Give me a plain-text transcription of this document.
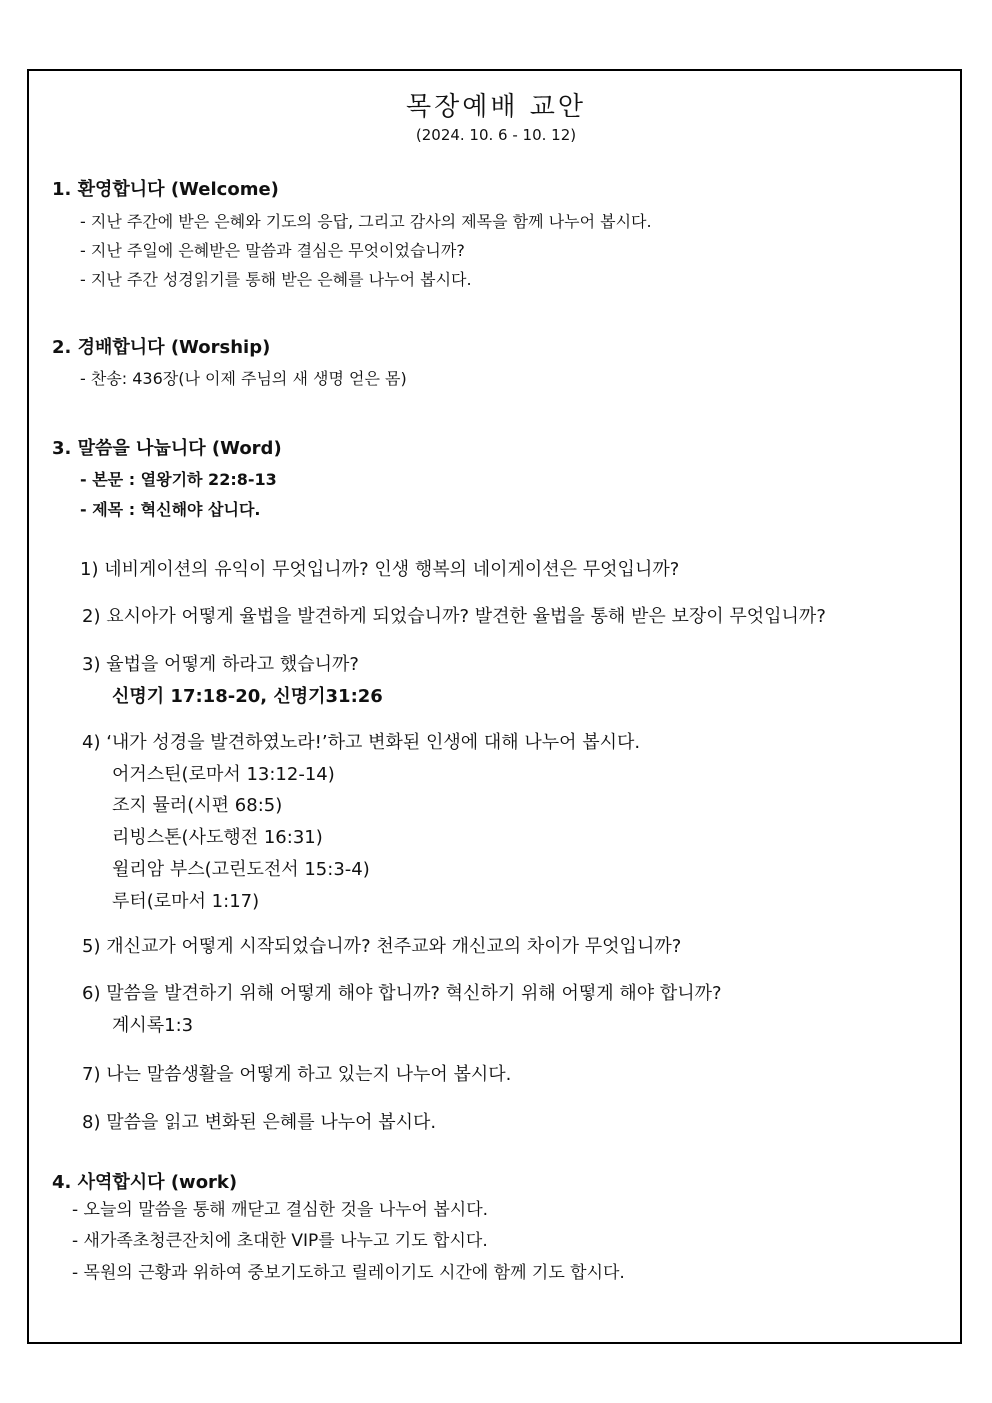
목장예배 교안
(2024. 10. 6 - 10. 12)
1. 환영합니다 (Welcome)
- 지난 주간에 받은 은혜와 기도의 응답, 그리고 감사의 제목을 함께 나누어 봅시다.
- 지난 주일에 은혜받은 말씀과 결심은 무엇이었습니까?
- 지난 주간 성경읽기를 통해 받은 은혜를 나누어 봅시다.
2. 경배합니다 (Worship)
- 찬송: 436장(나 이제 주님의 새 생명 얻은 몸)
3. 말씀을 나눕니다 (Word)
- 본문 : 열왕기하 22:8-13
- 제목 : 혁신해야 삽니다.
1) 네비게이션의 유익이 무엇입니까? 인생 행복의 네이게이션은 무엇입니까?
2) 요시아가 어떻게 율법을 발견하게 되었습니까? 발견한 율법을 통해 받은 보장이 무엇입니까?
3) 율법을 어떻게 하라고 했습니까?
신명기 17:18-20, 신명기31:26
4) ‘내가 성경을 발견하였노라!’하고 변화된 인생에 대해 나누어 봅시다.
어거스틴(로마서 13:12-14)
조지 뮬러(시편 68:5)
리빙스톤(사도행전 16:31)
윌리암 부스(고린도전서 15:3-4)
루터(로마서 1:17)
5) 개신교가 어떻게 시작되었습니까? 천주교와 개신교의 차이가 무엇입니까?
6) 말씀을 발견하기 위해 어떻게 해야 합니까? 혁신하기 위해 어떻게 해야 합니까?
계시록1:3
7) 나는 말씀생활을 어떻게 하고 있는지 나누어 봅시다.
8) 말씀을 읽고 변화된 은혜를 나누어 봅시다.
4. 사역합시다 (work)
- 오늘의 말씀을 통해 깨닫고 결심한 것을 나누어 봅시다.
- 새가족초청큰잔치에 초대한 VIP를 나누고 기도 합시다.
- 목원의 근황과 위하여 중보기도하고 릴레이기도 시간에 함께 기도 합시다.
